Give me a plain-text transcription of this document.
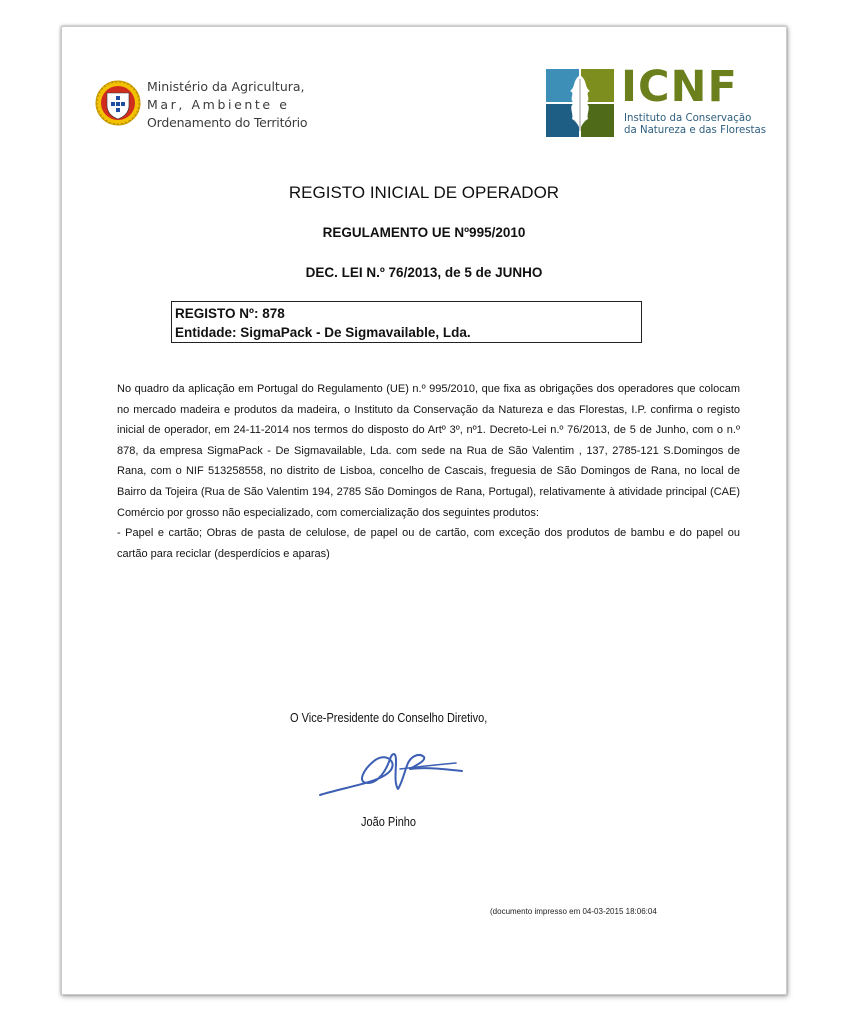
Ministério da Agricultura,
Mar, Ambiente e
Ordenamento do Território
ICNF
Instituto da Conservação
da Natureza e das Florestas
REGISTO INICIAL DE OPERADOR
REGULAMENTO UE Nº995/2010
DEC. LEI N.º 76/2013, de 5 de JUNHO
REGISTO Nº: 878
Entidade: SigmaPack - De Sigmavailable, Lda.

No quadro da aplicação em Portugal do Regulamento (UE) n.º 995/2010, que fixa as obrigações dos operadores que colocam no mercado madeira e produtos da madeira, o Instituto da Conservação da Natureza e das Florestas, I.P. confirma o registo inicial de operador, em 24-11-2014 nos termos do disposto do Artº 3º, nº1. Decreto-Lei n.º 76/2013, de 5 de Junho, com o n.º 878, da empresa SigmaPack - De Sigmavailable, Lda. com sede na Rua de São Valentim , 137, 2785-121 S.Domingos de Rana, com o NIF 513258558, no distrito de Lisboa, concelho de Cascais, freguesia de São Domingos de Rana, no local de Bairro da Tojeira (Rua de São Valentim 194, 2785 São Domingos de Rana, Portugal), relativamente à atividade principal (CAE) Comércio por grosso não especializado, com comercialização dos seguintes produtos:

- Papel e cartão; Obras de pasta de celulose, de papel ou de cartão, com exceção dos produtos de bambu e do papel ou cartão para reciclar (desperdícios e aparas)

O Vice-Presidente do Conselho Diretivo,
João Pinho
(documento impresso em 04-03-2015 18:06:04
